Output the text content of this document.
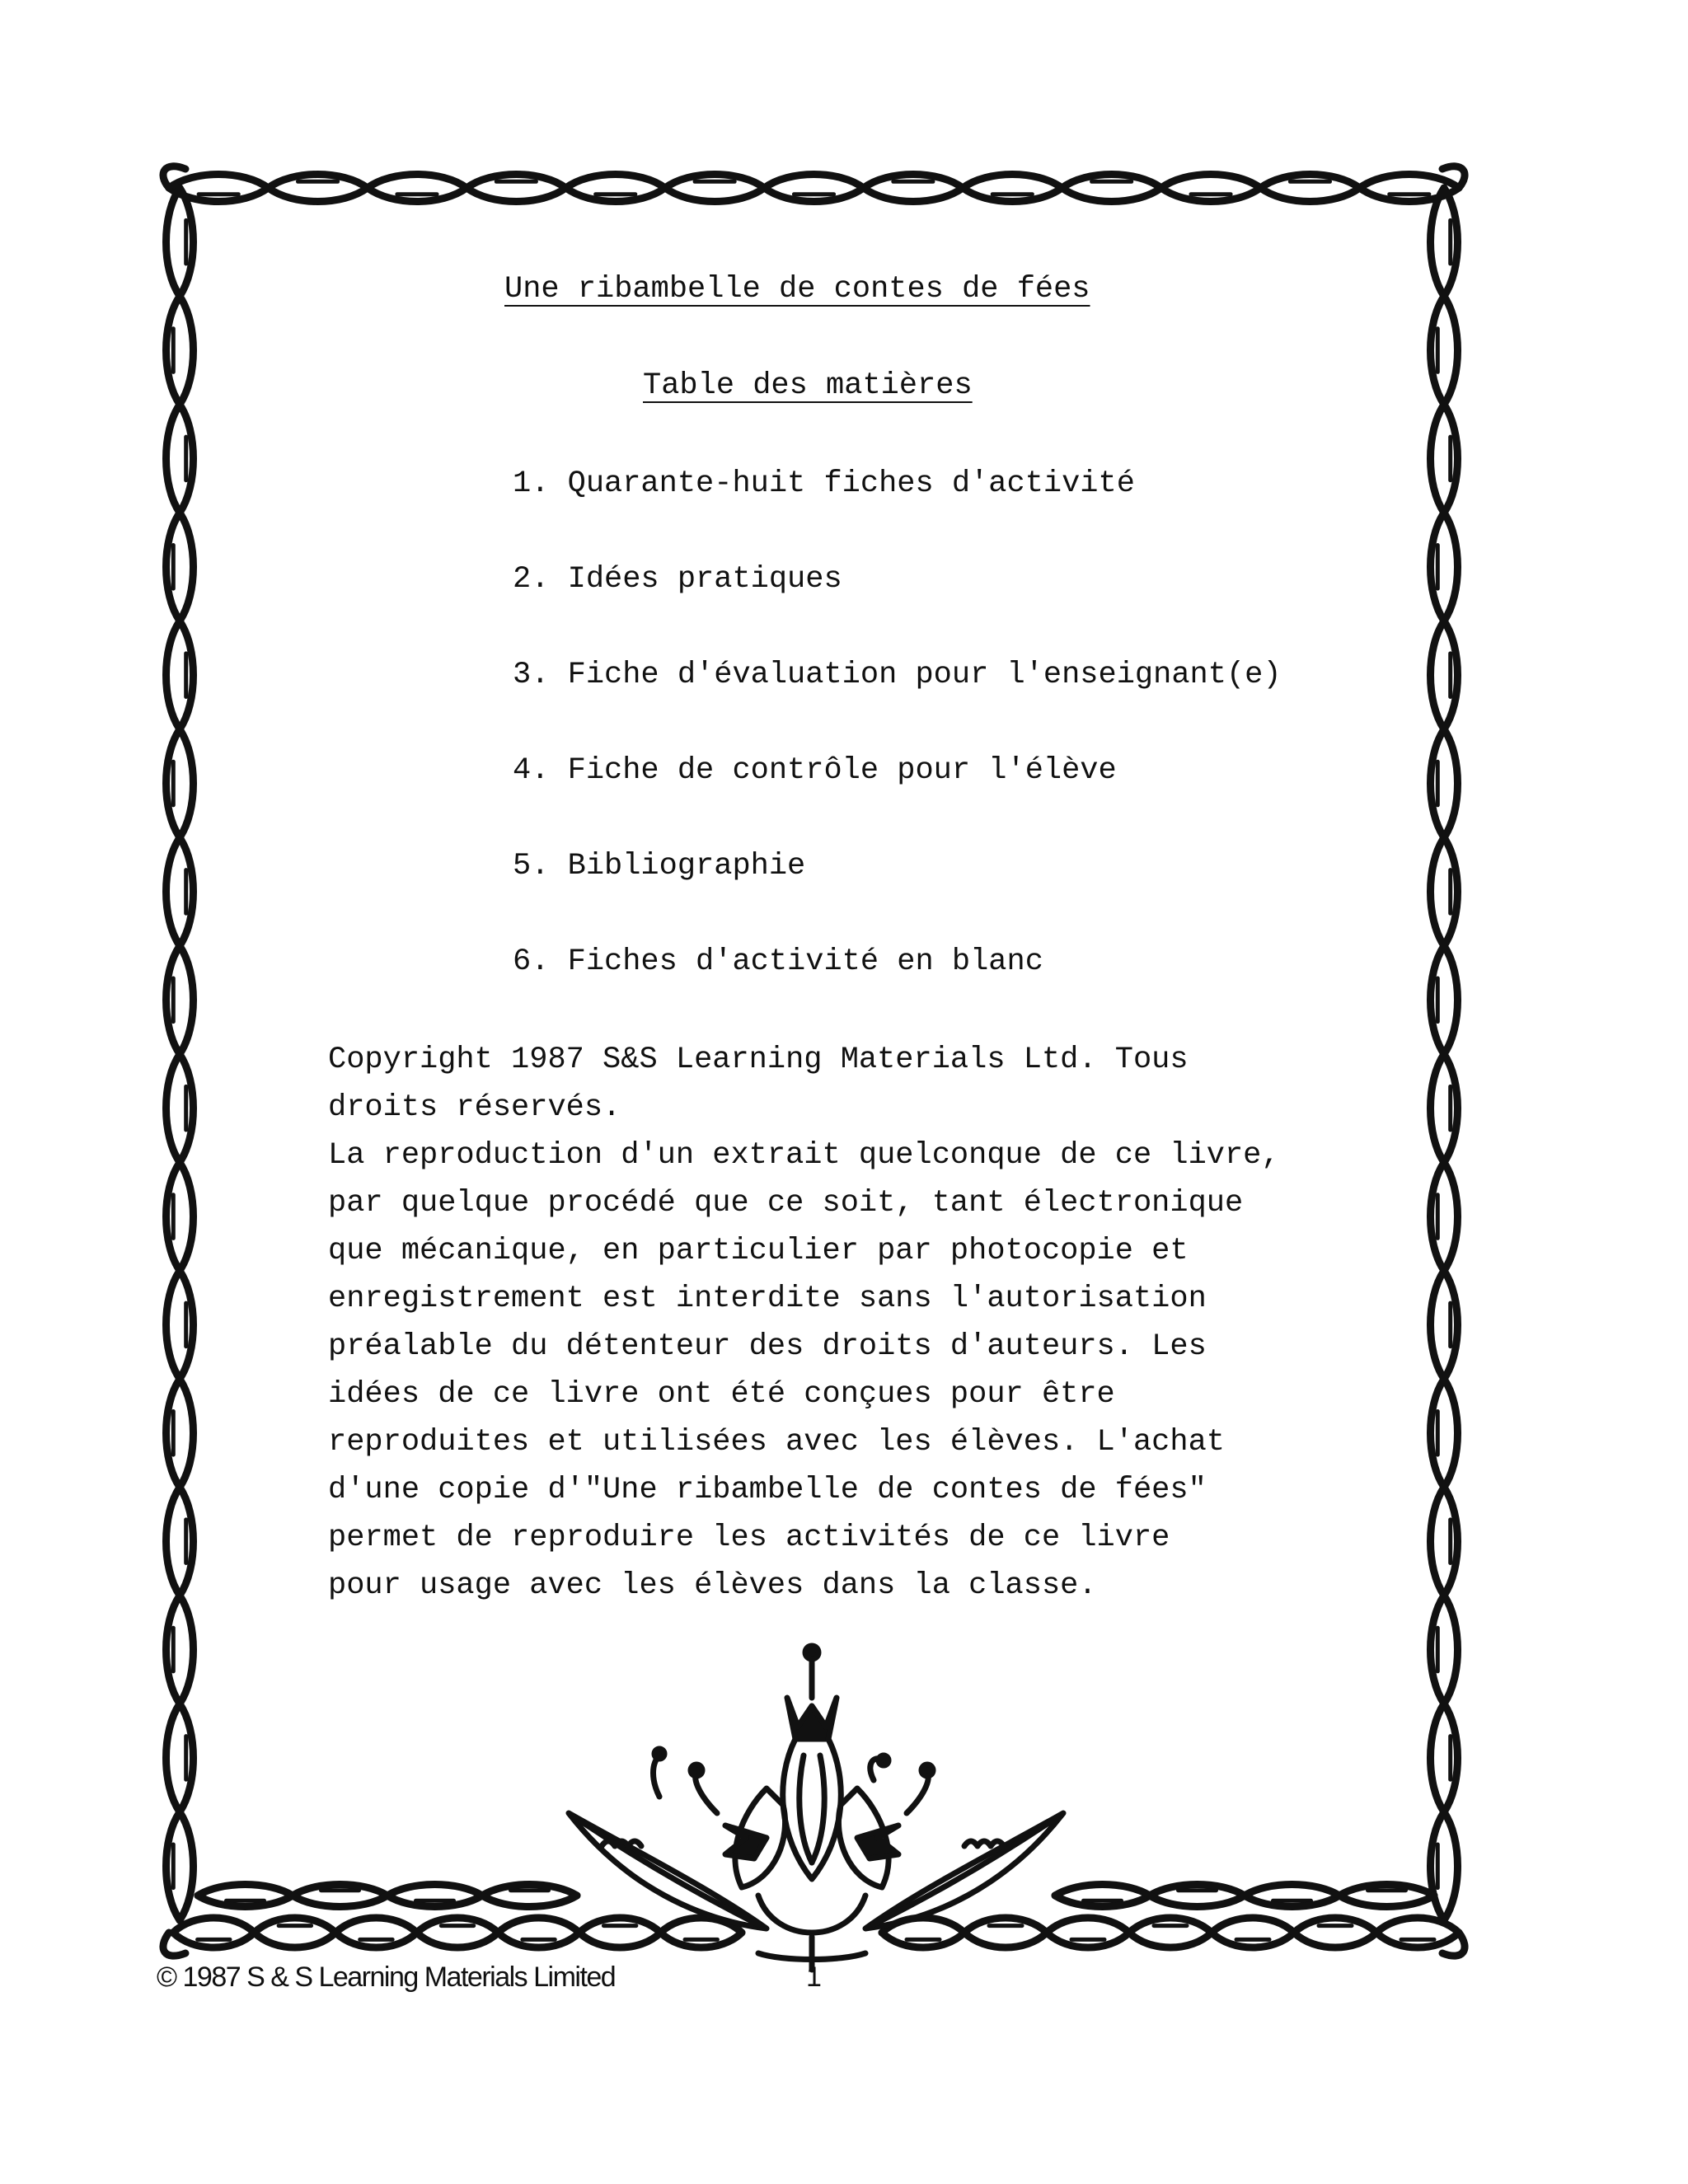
Une ribambelle de contes de fées
Table des matières
1. Quarante-huit fiches d'activité
2. Idées pratiques
3. Fiche d'évaluation pour l'enseignant(e)
4. Fiche de contrôle pour l'élève
5. Bibliographie
6. Fiches d'activité en blanc
Copyright 1987 S&S Learning Materials Ltd. Tous
droits réservés.
La reproduction d'un extrait quelconque de ce livre,
par quelque procédé que ce soit, tant électronique
que mécanique, en particulier par photocopie et
enregistrement est interdite sans l'autorisation
préalable du détenteur des droits d'auteurs. Les
idées de ce livre ont été conçues pour être
reproduites et utilisées avec les élèves. L'achat
d'une copie d'"Une ribambelle de contes de fées"
permet de reproduire les activités de ce livre
pour usage avec les élèves dans la classe.
© 1987 S & S Learning Materials Limited	1
